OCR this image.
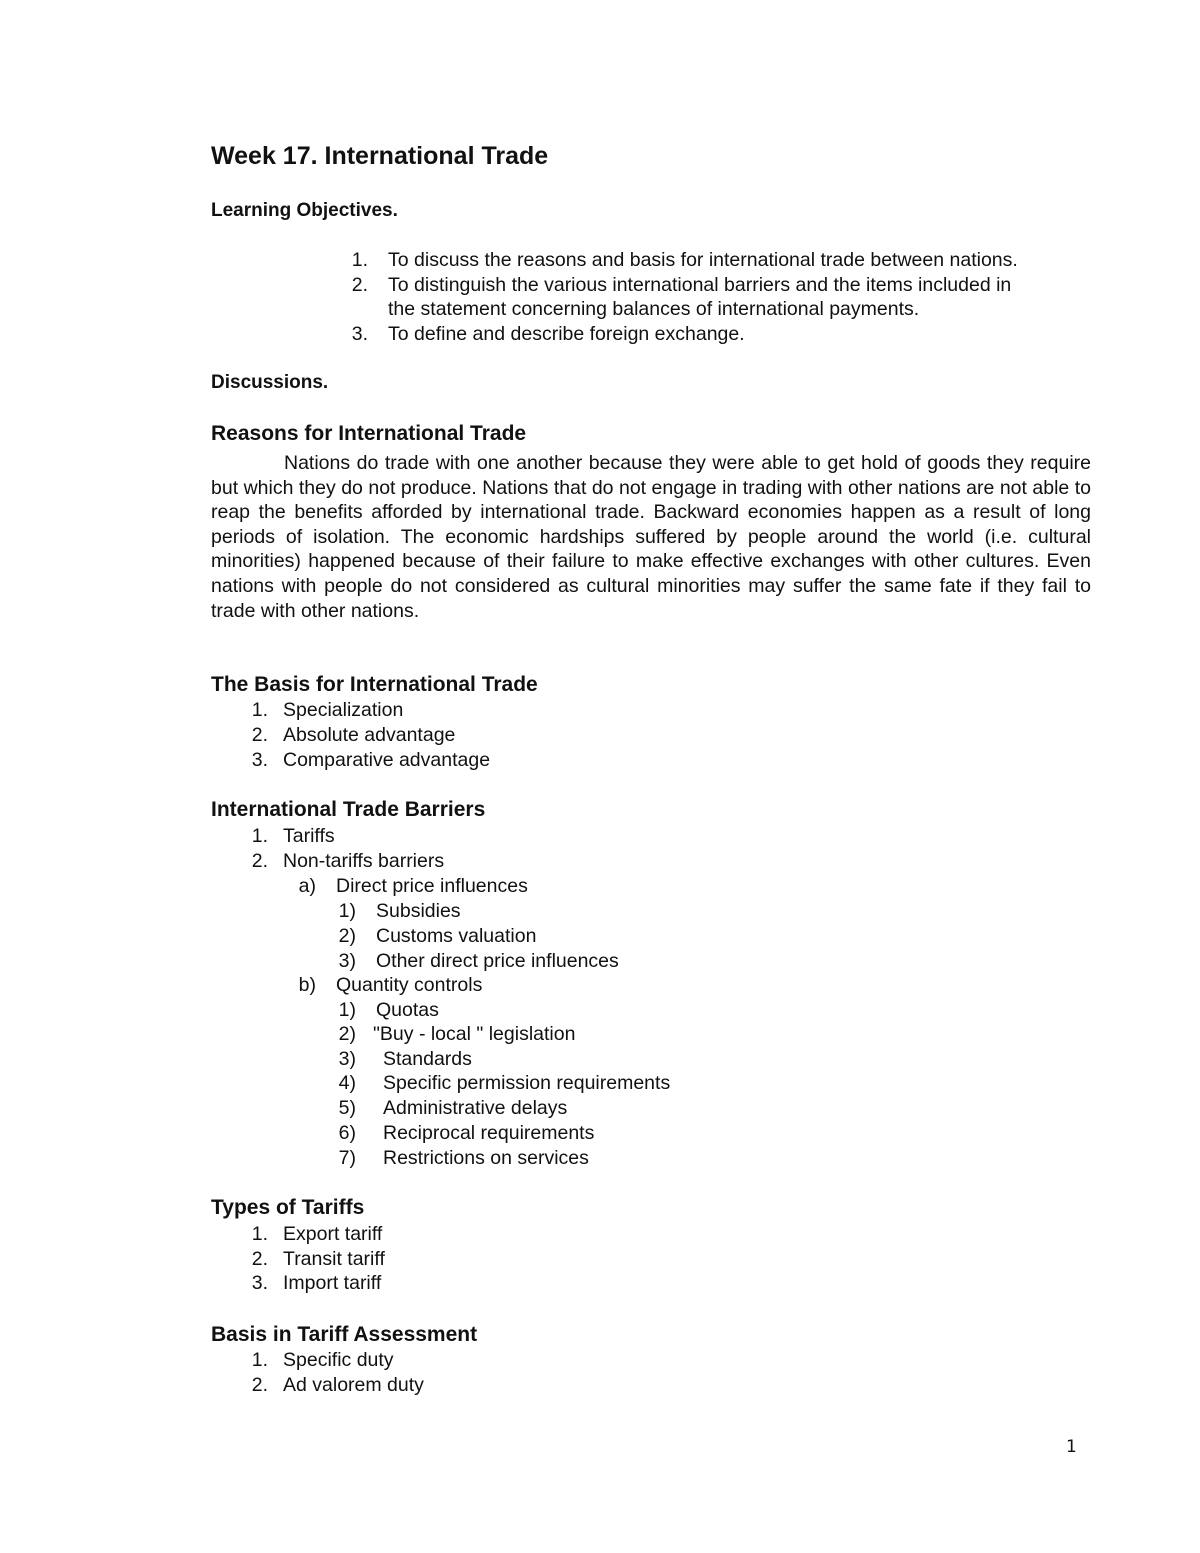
Week 17. International Trade
Learning Objectives.
1. To discuss the reasons and basis for international trade between nations.
2. To distinguish the various international barriers and the items included in
the statement concerning balances of international payments.
3. To define and describe foreign exchange.
Discussions.
Reasons for International Trade
Nations do trade with one another because they were able to get hold of goods they require but which they do not produce. Nations that do not engage in trading with other nations are not able to reap the benefits afforded by international trade. Backward economies happen as a result of long periods of isolation. The economic hardships suffered by people around the world (i.e. cultural minorities) happened because of their failure to make effective exchanges with other cultures. Even nations with people do not considered as cultural minorities may suffer the same fate if they fail to trade with other nations.
The Basis for International Trade
1. Specialization
2. Absolute advantage
3. Comparative advantage
International Trade Barriers
1. Tariffs
2. Non-tariffs barriers
a) Direct price influences
1) Subsidies
2) Customs valuation
3) Other direct price influences
b) Quantity controls
1) Quotas
2) "Buy - local " legislation
3) Standards
4) Specific permission requirements
5) Administrative delays
6) Reciprocal requirements
7) Restrictions on services
Types of Tariffs
1. Export tariff
2. Transit tariff
3. Import tariff
Basis in Tariff Assessment
1. Specific duty
2. Ad valorem duty
1
